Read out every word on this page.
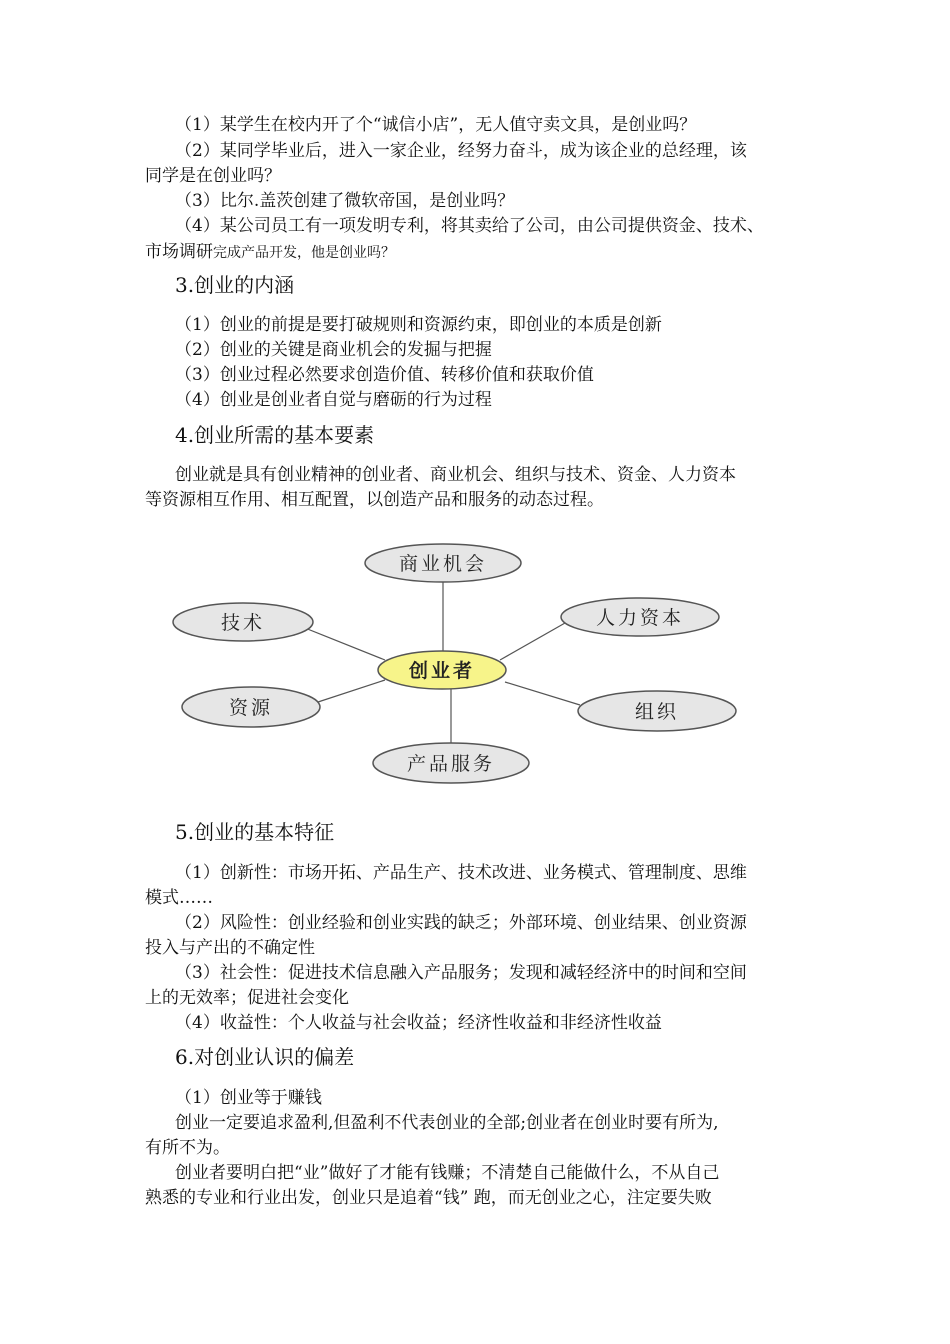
（1）某学生在校内开了个“诚信小店”，无人值守卖文具，是创业吗？
（2）某同学毕业后，进入一家企业，经努力奋斗，成为该企业的总经理，该
同学是在创业吗？
（3）比尔.盖茨创建了微软帝国，是创业吗？
（4）某公司员工有一项发明专利，将其卖给了公司，由公司提供资金、技术、
市场调研完成产品开发，他是创业吗？
3.创业的内涵
（1）创业的前提是要打破规则和资源约束，即创业的本质是创新
（2）创业的关键是商业机会的发掘与把握
（3）创业过程必然要求创造价值、转移价值和获取价值
（4）创业是创业者自觉与磨砺的行为过程
4.创业所需的基本要素
创业就是具有创业精神的创业者、商业机会、组织与技术、资金、人力资本
等资源相互作用、相互配置，以创造产品和服务的动态过程。
商业机会
技术	人力资本
创业者
资源	组织
产品服务
5.创业的基本特征
（1）创新性：市场开拓、产品生产、技术改进、业务模式、管理制度、思维
模式……
（2）风险性：创业经验和创业实践的缺乏；外部环境、创业结果、创业资源
投入与产出的不确定性
（3）社会性：促进技术信息融入产品服务；发现和减轻经济中的时间和空间
上的无效率；促进社会变化
（4）收益性：个人收益与社会收益；经济性收益和非经济性收益
6.对创业认识的偏差
（1）创业等于赚钱
创业一定要追求盈利,但盈利不代表创业的全部;创业者在创业时要有所为,
有所不为。
创业者要明白把“业”做好了才能有钱赚；不清楚自己能做什么，不从自己
熟悉的专业和行业出发，创业只是追着“钱” 跑，而无创业之心，注定要失败
